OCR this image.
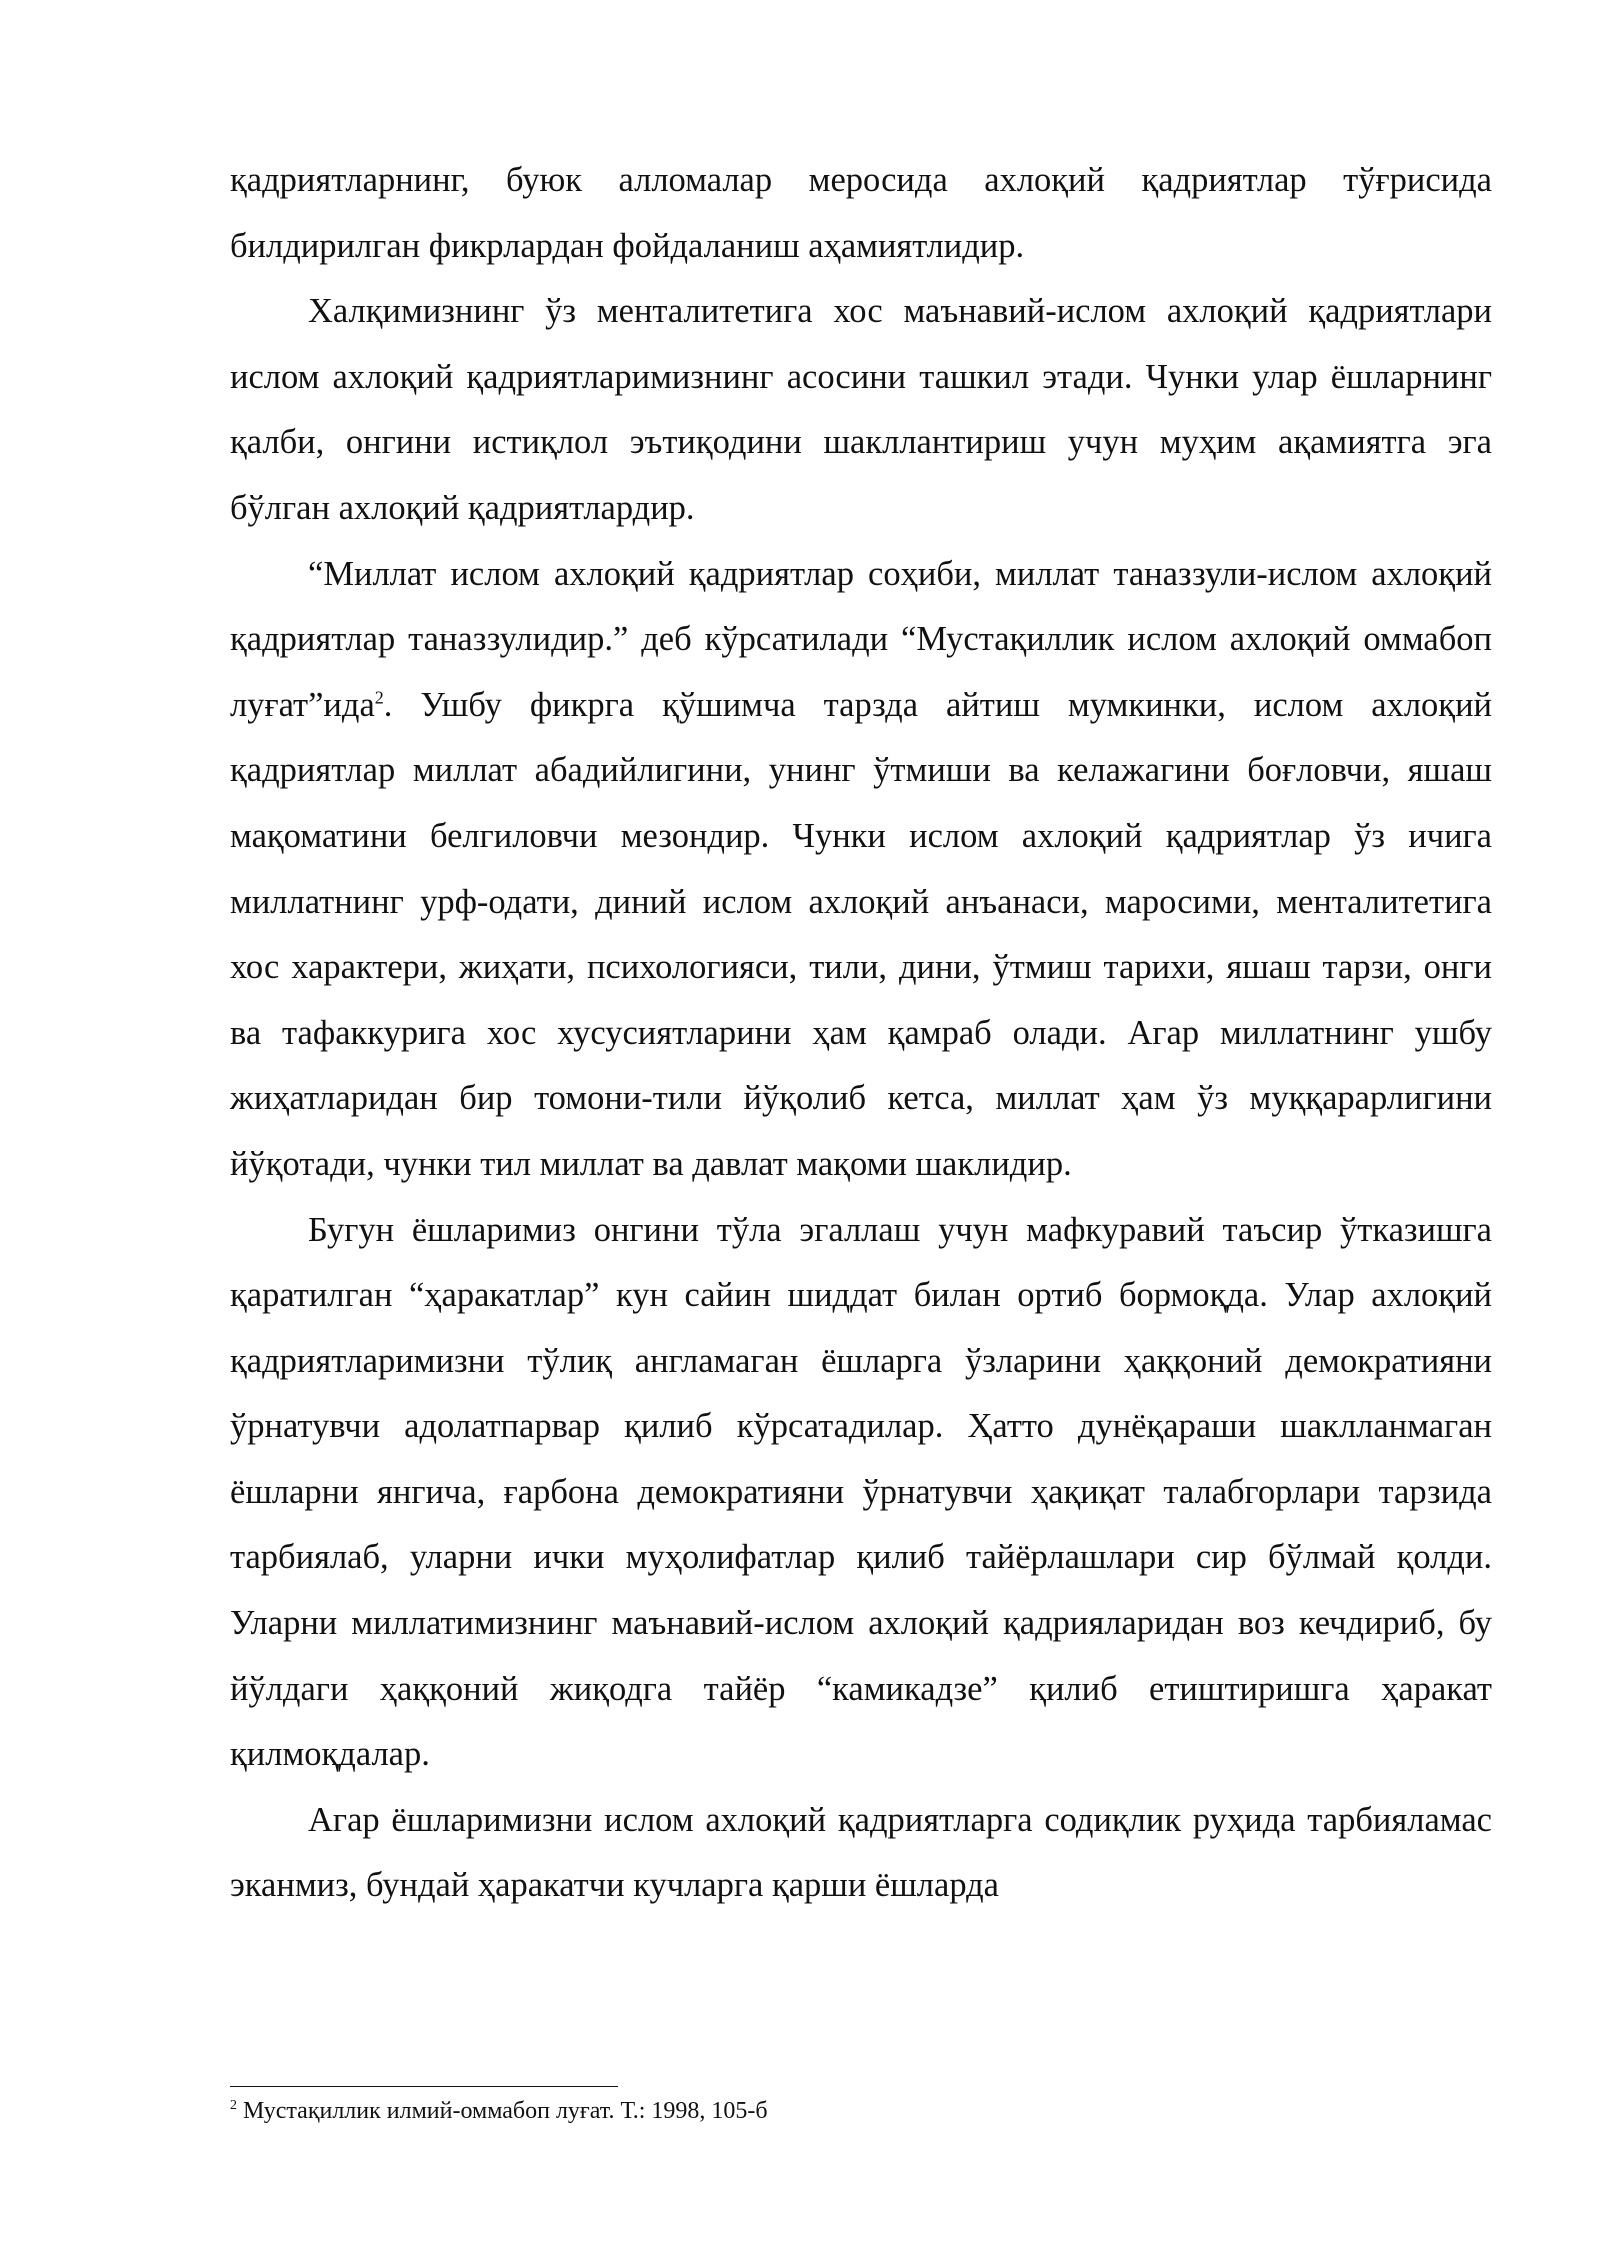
қадриятларнинг, буюк алломалар меросида ахлоқий қадриятлар тўғрисида билдирилган фикрлардан фойдаланиш аҳамиятлидир.

Халқимизнинг ўз менталитетига хос маънавий-ислом ахлоқий қадриятлари ислом ахлоқий қадриятларимизнинг асосини ташкил этади. Чунки улар ёшларнинг қалби, онгини истиқлол эътиқодини шакллантириш учун муҳим ақамиятга эга бўлган ахлоқий қадриятлардир.

“Миллат ислом ахлоқий қадриятлар соҳиби, миллат таназзули-ислом ахлоқий қадриятлар таназзулидир.” деб кўрсатилади “Мустақиллик ислом ахлоқий оммабоп луғат”ида$^2$. Ушбу фикрга қўшимча тарзда айтиш мумкинки, ислом ахлоқий қадриятлар миллат абадийлигини, унинг ўтмиши ва келажагини боғловчи, яшаш мақоматини белгиловчи мезондир. Чунки ислом ахлоқий қадриятлар ўз ичига миллатнинг урф-одати, диний ислом ахлоқий анъанаси, маросими, менталитетига хос характери, жиҳати, психологияси, тили, дини, ўтмиш тарихи, яшаш тарзи, онги ва тафаккурига хос хусусиятларини ҳам қамраб олади. Агар миллатнинг ушбу жиҳатларидан бир томони-тили йўқолиб кетса, миллат ҳам ўз муққарарлигини йўқотади, чунки тил миллат ва давлат мақоми шаклидир.

Бугун ёшларимиз онгини тўла эгаллаш учун мафкуравий таъсир ўтказишга қаратилган “ҳаракатлар” кун сайин шиддат билан ортиб бормоқда. Улар ахлоқий қадриятларимизни тўлиқ англамаган ёшларга ўзларини ҳаққоний демократияни ўрнатувчи адолатпарвар қилиб кўрсатадилар. Ҳатто дунёқараши шаклланмаган ёшларни янгича, ғарбона демократияни ўрнатувчи ҳақиқат талабгорлари тарзида тарбиялаб, уларни ички муҳолифатлар қилиб тайёрлашлари сир бўлмай қолди. Уларни миллатимизнинг маънавий-ислом ахлоқий қадрияларидан воз кечдириб, бу йўлдаги ҳаққоний жиқодга тайёр “камикадзе” қилиб етиштиришга ҳаракат қилмоқдалар.

Агар ёшларимизни ислом ахлоқий қадриятларга содиқлик руҳида тарбияламас эканмиз, бундай ҳаракатчи кучларга қарши ёшларда

$^2$ Мустақиллик илмий-оммабоп луғат. Т.: 1998, 105-б
